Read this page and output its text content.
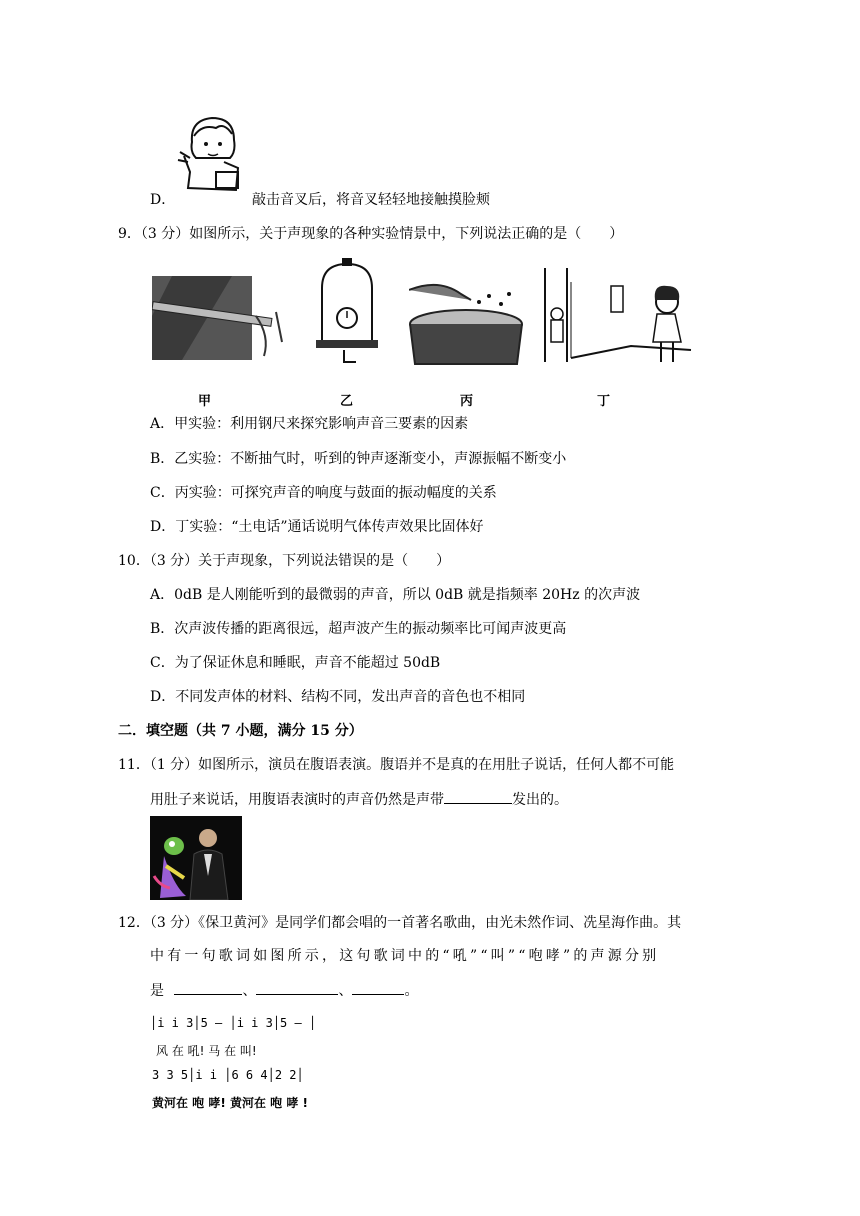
D．	敲击音叉后，将音叉轻轻地接触摸脸颊
9．（3 分）如图所示，关于声现象的各种实验情景中，下列说法正确的是（　　）
甲	乙	丙	丁
A．甲实验：利用钢尺来探究影响声音三要素的因素
B．乙实验：不断抽气时，听到的钟声逐渐变小，声源振幅不断变小
C．丙实验：可探究声音的响度与鼓面的振动幅度的关系
D．丁实验：“土电话”通话说明气体传声效果比固体好
10．（3 分）关于声现象，下列说法错误的是（　　）
A．0dB 是人刚能听到的最微弱的声音，所以 0dB 就是指频率 20Hz 的次声波
B．次声波传播的距离很远，超声波产生的振动频率比可闻声波更高
C．为了保证休息和睡眠，声音不能超过 50dB
D．不同发声体的材料、结构不同，发出声音的音色也不相同
二．填空题（共 7 小题，满分 15 分）
11．（1 分）如图所示，演员在腹语表演。腹语并不是真的在用肚子说话，任何人都不可能
用肚子来说话，用腹语表演时的声音仍然是声带	发出的。
12．（3 分）《保卫黄河》是同学们都会唱的一首著名歌曲，由光未然作词、冼星海作曲。其
中有一句歌词如图所示，这句歌词中的“吼”“叫”“咆哮”的声源分别
是	、	、	。
│i i 3│5 – │i i 3│5 – │
风 在 吼! 马 在 叫!
3 3 5│i i │6 6 4│2 2│
黄河在 咆 哮! 黄河在 咆 哮 !
